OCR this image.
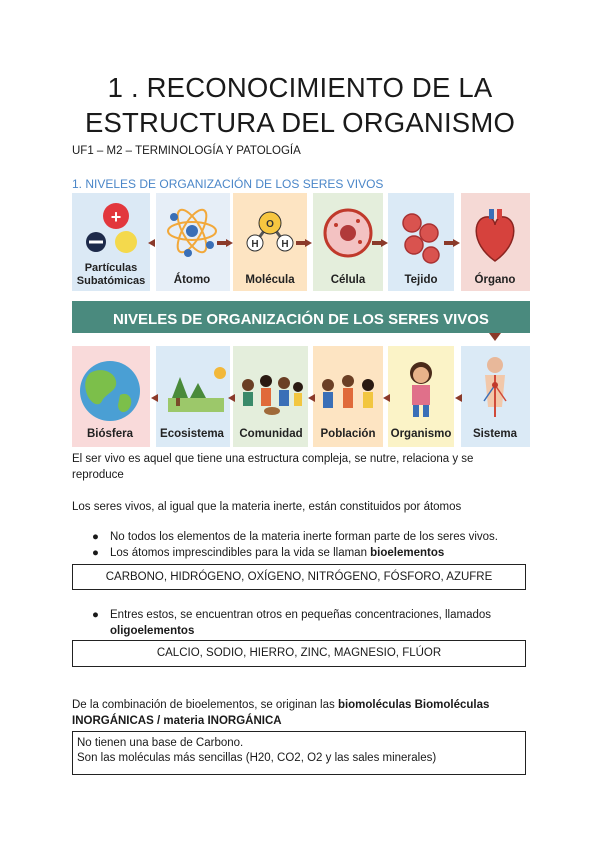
1 . RECONOCIMIENTO DE LA
ESTRUCTURA DEL ORGANISMO
UF1 – M2 – TERMINOLOGÍA Y PATOLOGÍA
1. NIVELES DE ORGANIZACIÓN DE LOS SERES VIVOS
+
Partículas
Subatómicas Átomo
O
H H
Molécula	Célula	Tejido	Órgano
NIVELES DE ORGANIZACIÓN DE LOS SERES VIVOS
Biósfera Ecosistema Comunidad Población Organismo Sistema
El ser vivo es aquel que tiene una estructura compleja, se nutre, relaciona y se
reproduce
Los seres vivos, al igual que la materia inerte, están constituidos por átomos
● No todos los elementos de la materia inerte forman parte de los seres vivos.
● Los átomos imprescindibles para la vida se llaman bioelementos
CARBONO, HIDRÓGENO, OXÍGENO, NITRÓGENO, FÓSFORO, AZUFRE
● Entres estos, se encuentran otros en pequeñas concentraciones, llamados
oligoelementos
CALCIO, SODIO, HIERRO, ZINC, MAGNESIO, FLÚOR
De la combinación de bioelementos, se originan las biomoléculas Biomoléculas
INORGÁNICAS / materia INORGÁNICA
No tienen una base de Carbono.
Son las moléculas más sencillas (H20, CO2, O2 y las sales minerales)
